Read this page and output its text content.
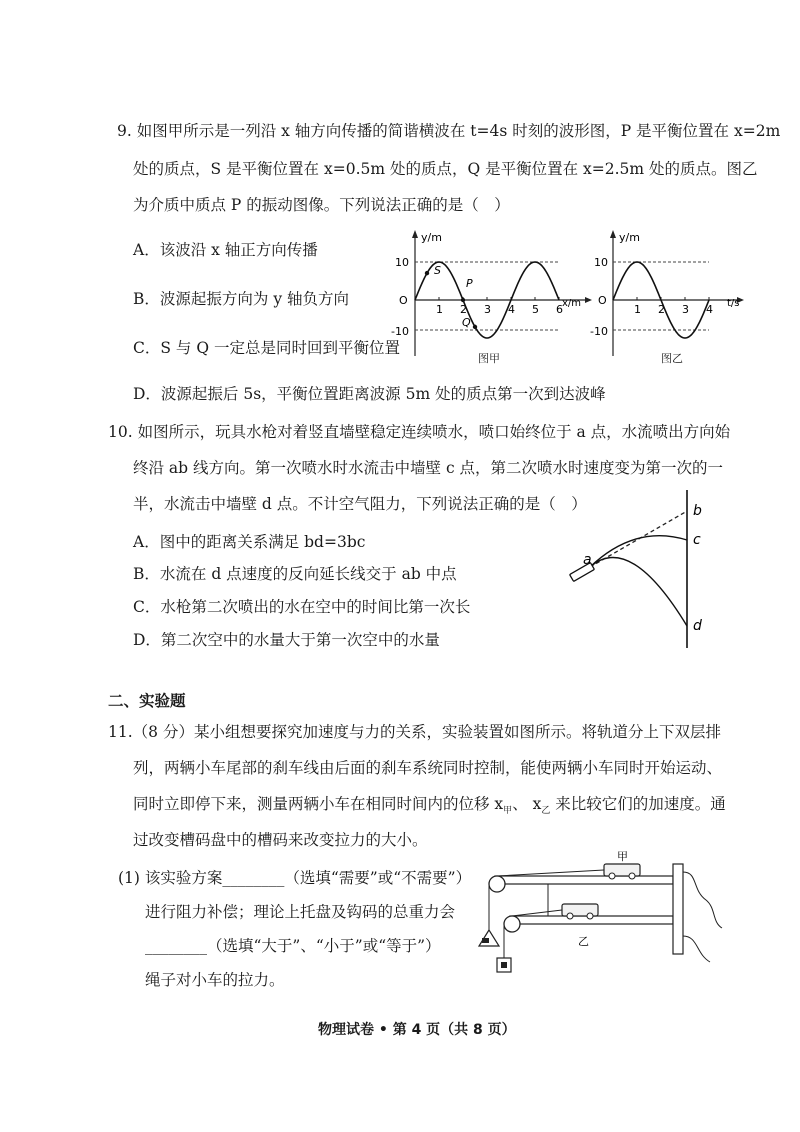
9. 如图甲所示是一列沿 x 轴方向传播的简谐横波在 t=4s 时刻的波形图，P 是平衡位置在 x=2m
处的质点，S 是平衡位置在 x=0.5m 处的质点，Q 是平衡位置在 x=2.5m 处的质点。图乙
为介质中质点 P 的振动图像。下列说法正确的是（　）
A．该波沿 x 轴正方向传播
B．波源起振方向为 y 轴负方向
C．S 与 Q 一定总是同时回到平衡位置
D．波源起振后 5s，平衡位置距离波源 5m 处的质点第一次到达波峰
y/m
x/m
O
10
-10
1 2 3 4 5 6
S
P
Q
图甲
y/m
t/s
O
10
-10
1 2 3 4
图乙
10. 如图所示，玩具水枪对着竖直墙壁稳定连续喷水，喷口始终位于 a 点，水流喷出方向始
终沿 ab 线方向。第一次喷水时水流击中墙壁 c 点，第二次喷水时速度变为第一次的一
半，水流击中墙壁 d 点。不计空气阻力，下列说法正确的是（　）
A．图中的距离关系满足 bd=3bc
B．水流在 d 点速度的反向延长线交于 ab 中点
C．水枪第二次喷出的水在空中的时间比第一次长
D．第二次空中的水量大于第一次空中的水量
a
b
c
d
二、实验题
11.（8 分）某小组想要探究加速度与力的关系，实验装置如图所示。将轨道分上下双层排
列，两辆小车尾部的刹车线由后面的刹车系统同时控制，能使两辆小车同时开始运动、
同时立即停下来，测量两辆小车在相同时间内的位移 $x_甲$、 $x_乙$ 来比较它们的加速度。通
过改变槽码盘中的槽码来改变拉力的大小。
(1) 该实验方案________（选填“需要”或“不需要”）
进行阻力补偿；理论上托盘及钩码的总重力会
________（选填“大于”、“小于”或“等于”）
绳子对小车的拉力。
甲
乙
物理试卷 • 第 4 页（共 8 页）
